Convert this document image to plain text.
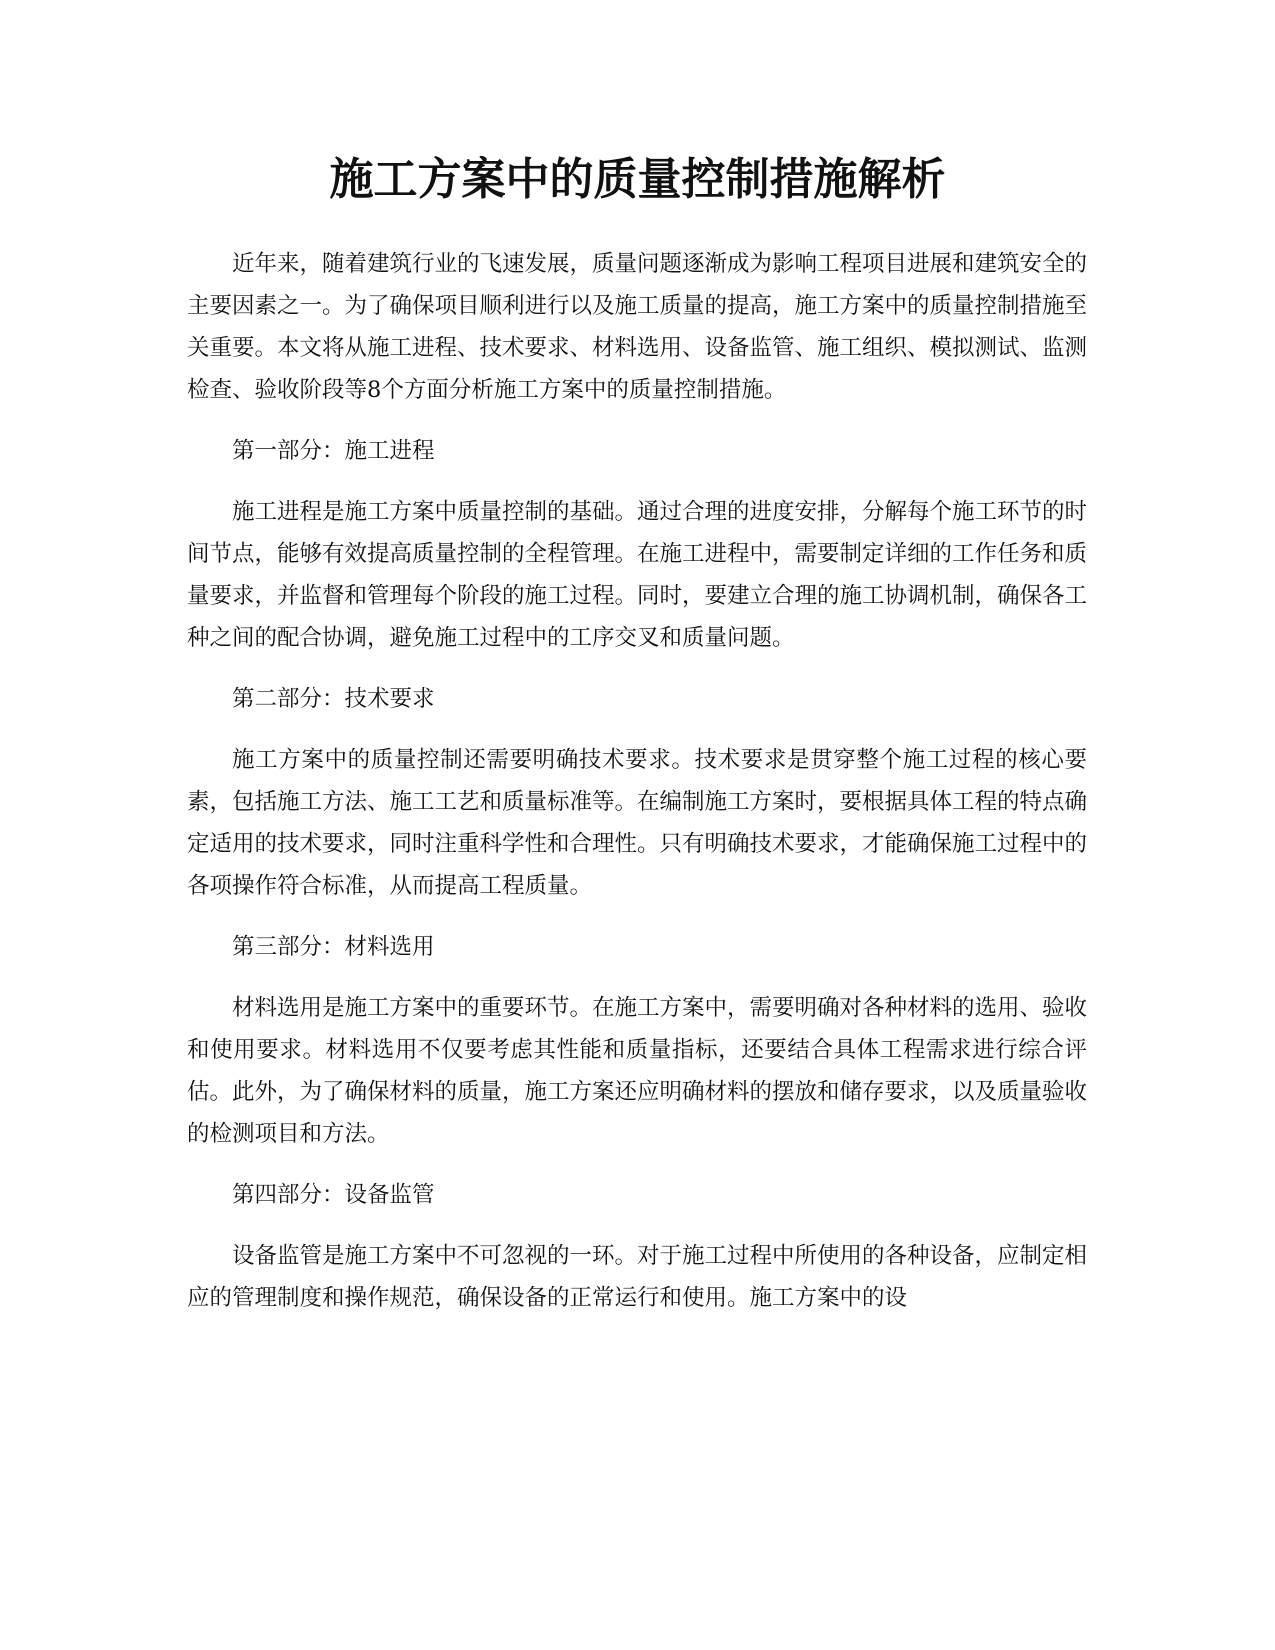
施工方案中的质量控制措施解析

近年来，随着建筑行业的飞速发展，质量问题逐渐成为影响工程项目进展和建筑安全的主要因素之一。为了确保项目顺利进行以及施工质量的提高，施工方案中的质量控制措施至关重要。本文将从施工进程、技术要求、材料选用、设备监管、施工组织、模拟测试、监测检查、验收阶段等8个方面分析施工方案中的质量控制措施。

第一部分：施工进程

施工进程是施工方案中质量控制的基础。通过合理的进度安排，分解每个施工环节的时间节点，能够有效提高质量控制的全程管理。在施工进程中，需要制定详细的工作任务和质量要求，并监督和管理每个阶段的施工过程。同时，要建立合理的施工协调机制，确保各工种之间的配合协调，避免施工过程中的工序交叉和质量问题。

第二部分：技术要求

施工方案中的质量控制还需要明确技术要求。技术要求是贯穿整个施工过程的核心要素，包括施工方法、施工工艺和质量标准等。在编制施工方案时，要根据具体工程的特点确定适用的技术要求，同时注重科学性和合理性。只有明确技术要求，才能确保施工过程中的各项操作符合标准，从而提高工程质量。

第三部分：材料选用

材料选用是施工方案中的重要环节。在施工方案中，需要明确对各种材料的选用、验收和使用要求。材料选用不仅要考虑其性能和质量指标，还要结合具体工程需求进行综合评估。此外，为了确保材料的质量，施工方案还应明确材料的摆放和储存要求，以及质量验收的检测项目和方法。

第四部分：设备监管

设备监管是施工方案中不可忽视的一环。对于施工过程中所使用的各种设备，应制定相应的管理制度和操作规范，确保设备的正常运行和使用。施工方案中的设
